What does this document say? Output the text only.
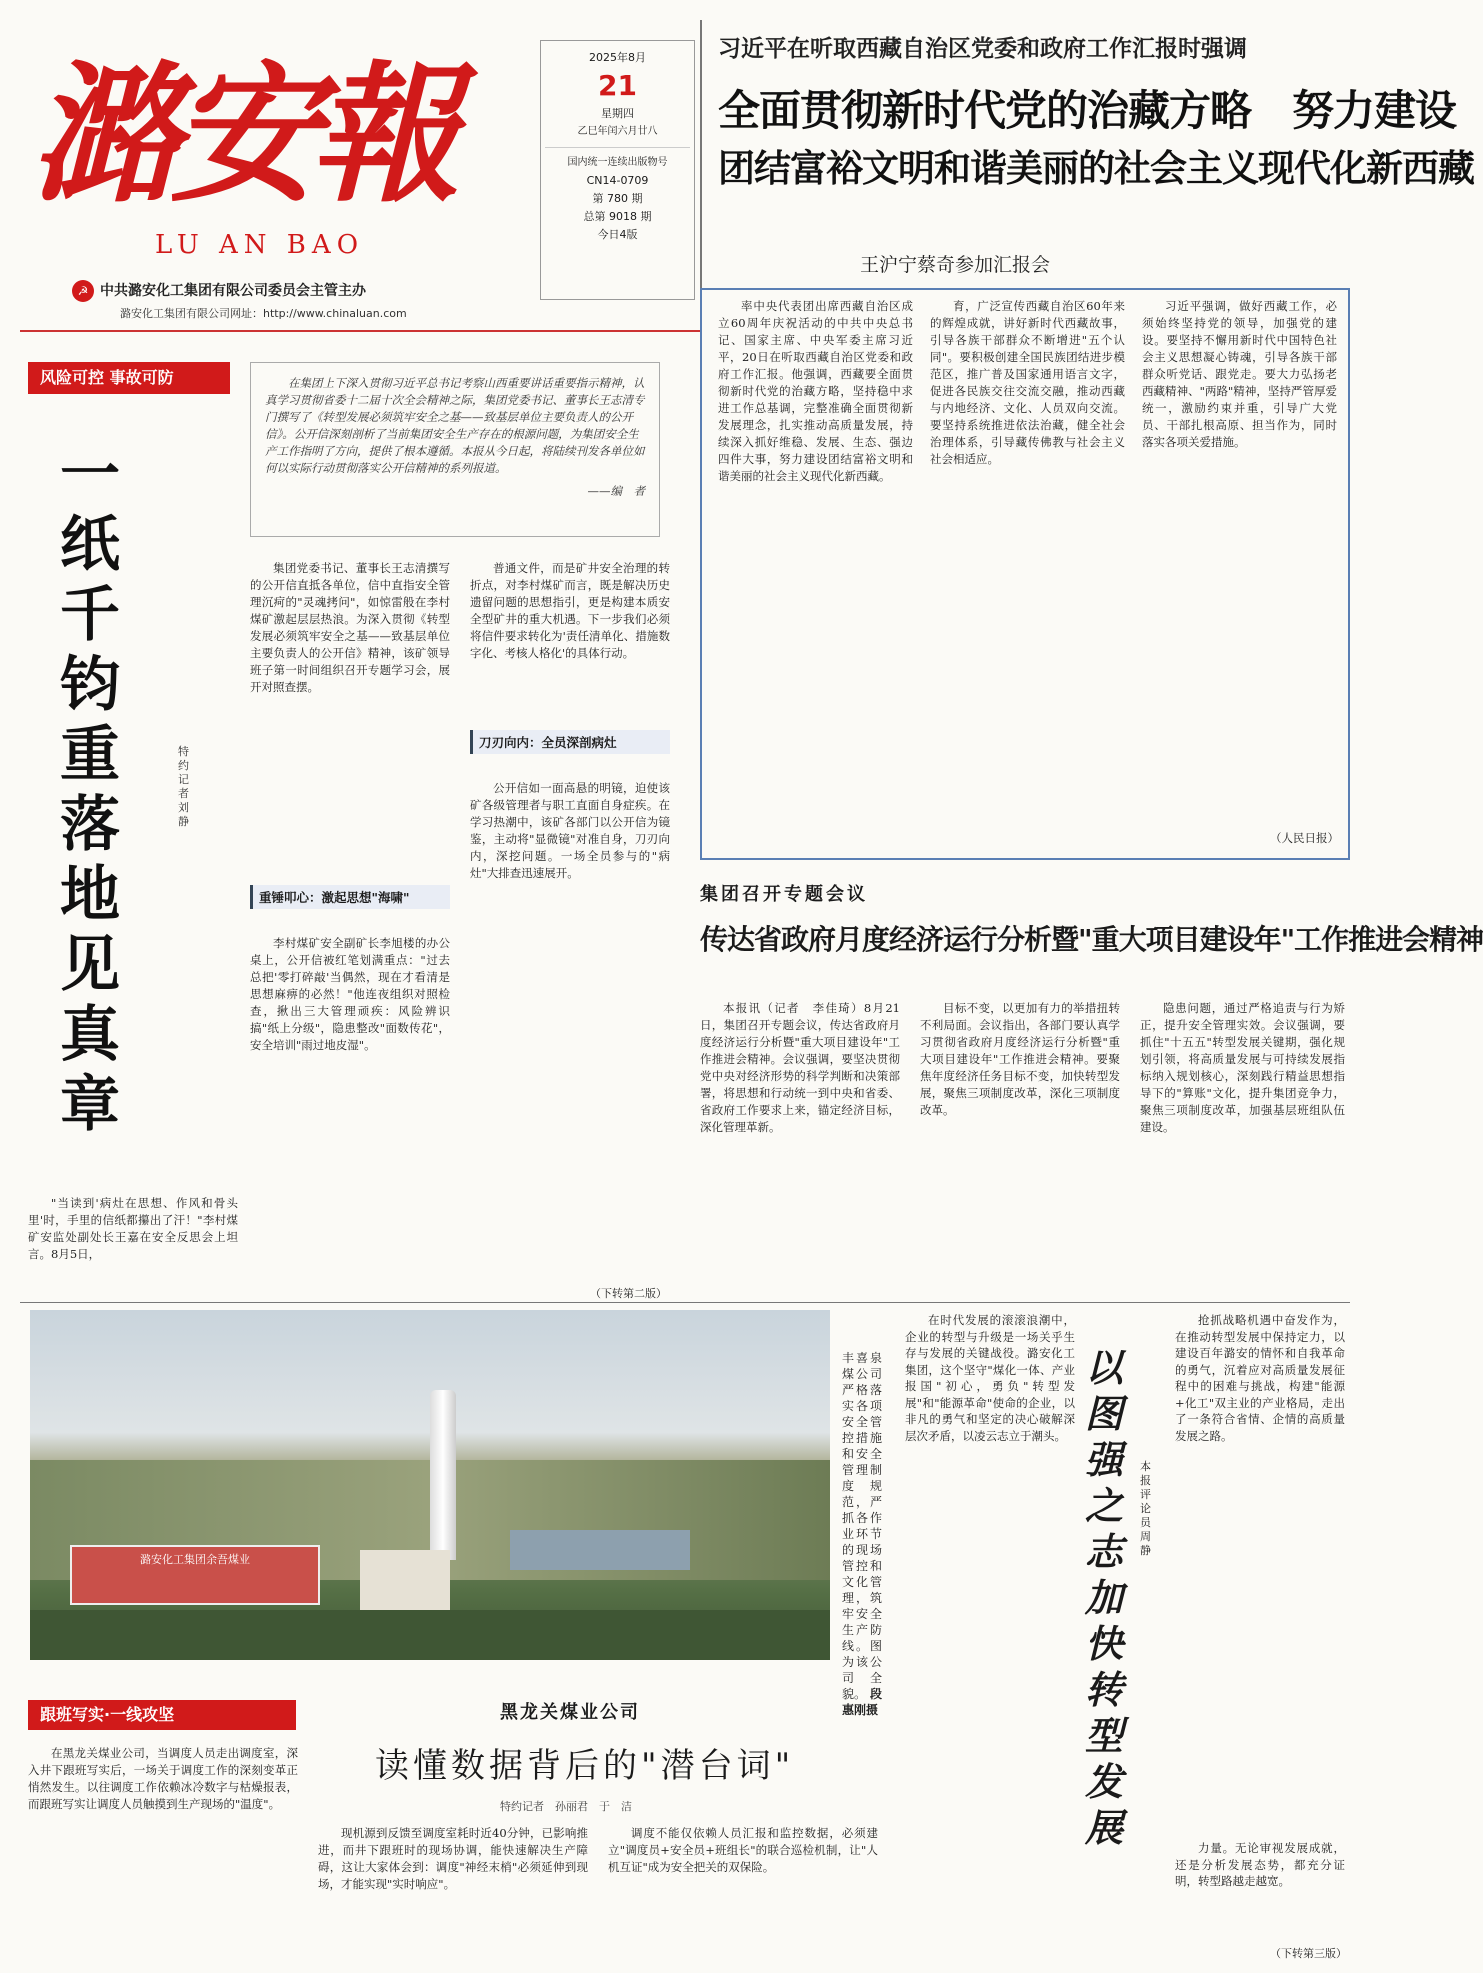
潞安報
LU AN BAO
☭ 中共潞安化工集团有限公司委员会主管主办
潞安化工集团有限公司网址：http://www.chinaluan.com
2025年8月
21
星期四
乙巳年闰六月廿八
国内统一连续出版物号
CN14-0709
第 780 期
总第 9018 期
今日4版
习近平在听取西藏自治区党委和政府工作汇报时强调
全面贯彻新时代党的治藏方略　努力建设
团结富裕文明和谐美丽的社会主义现代化新西藏
王沪宁蔡奇参加汇报会

率中央代表团出席西藏自治区成立60周年庆祝活动的中共中央总书记、国家主席、中央军委主席习近平，20日在听取西藏自治区党委和政府工作汇报。他强调，西藏要全面贯彻新时代党的治藏方略，坚持稳中求进工作总基调，完整准确全面贯彻新发展理念，扎实推动高质量发展，持续深入抓好维稳、发展、生态、强边四件大事，努力建设团结富裕文明和谐美丽的社会主义现代化新西藏。

育，广泛宣传西藏自治区60年来的辉煌成就，讲好新时代西藏故事，引导各族干部群众不断增进"五个认同"。要积极创建全国民族团结进步模范区，推广普及国家通用语言文字，促进各民族交往交流交融，推动西藏与内地经济、文化、人员双向交流。要坚持系统推进依法治藏，健全社会治理体系，引导藏传佛教与社会主义社会相适应。

习近平强调，做好西藏工作，必须始终坚持党的领导，加强党的建设。要坚持不懈用新时代中国特色社会主义思想凝心铸魂，引导各族干部群众听党话、跟党走。要大力弘扬老西藏精神、"两路"精神，坚持严管厚爱统一，激励约束并重，引导广大党员、干部扎根高原、担当作为，同时落实各项关爱措施。

（人民日报）
风险可控 事故可防
一纸千钧重　落地见真章
特约记者　刘　静

在集团上下深入贯彻习近平总书记考察山西重要讲话重要指示精神，认真学习贯彻省委十二届十次全会精神之际，集团党委书记、董事长王志清专门撰写了《转型发展必须筑牢安全之基——致基层单位主要负责人的公开信》。公开信深刻剖析了当前集团安全生产存在的根源问题，为集团安全生产工作指明了方向，提供了根本遵循。本报从今日起，将陆续刊发各单位如何以实际行动贯彻落实公开信精神的系列报道。

——编　者

"当读到'病灶在思想、作风和骨头里'时，手里的信纸都攥出了汗！"李村煤矿安监处副处长王嘉在安全反思会上坦言。8月5日，

集团党委书记、董事长王志清撰写的公开信直抵各单位，信中直指安全管理沉疴的"灵魂拷问"，如惊雷般在李村煤矿激起层层热浪。为深入贯彻《转型发展必须筑牢安全之基——致基层单位主要负责人的公开信》精神，该矿领导班子第一时间组织召开专题学习会，展开对照查摆。

重锤叩心：激起思想"海啸"

李村煤矿安全副矿长李旭楼的办公桌上，公开信被红笔划满重点："过去总把'零打碎敲'当偶然，现在才看清是思想麻痹的必然！"他连夜组织对照检查，揪出三大管理顽疾：风险辨识搞"纸上分级"，隐患整改"面数传花"，安全培训"雨过地皮湿"。

普通文件，而是矿井安全治理的转折点，对李村煤矿而言，既是解决历史遗留问题的思想指引，更是构建本质安全型矿井的重大机遇。下一步我们必须将信件要求转化为'责任清单化、措施数字化、考核人格化'的具体行动。

刀刃向内：全员深剖病灶

公开信如一面高悬的明镜，迫使该矿各级管理者与职工直面自身症疾。在学习热潮中，该矿各部门以公开信为镜鉴，主动将"显微镜"对准自身，刀刃向内，深挖问题。一场全员参与的"病灶"大排查迅速展开。

（下转第二版）
集团召开专题会议
传达省政府月度经济运行分析暨"重大项目建设年"工作推进会精神

本报讯（记者　李佳琦）8月21日，集团召开专题会议，传达省政府月度经济运行分析暨"重大项目建设年"工作推进会精神。会议强调，要坚决贯彻党中央对经济形势的科学判断和决策部署，将思想和行动统一到中央和省委、省政府工作要求上来，锚定经济目标，深化管理革新。

目标不变，以更加有力的举措扭转不利局面。会议指出，各部门要认真学习贯彻省政府月度经济运行分析暨"重大项目建设年"工作推进会精神。要聚焦年度经济任务目标不变，加快转型发展，聚焦三项制度改革，深化三项制度改革。

隐患问题，通过严格追责与行为矫正，提升安全管理实效。会议强调，要抓住"十五五"转型发展关键期，强化规划引领，将高质量发展与可持续发展指标纳入规划核心，深刻践行精益思想指导下的"算账"文化，提升集团竞争力，聚焦三项制度改革，加强基层班组队伍建设。

潞安化工集团余吾煤业
丰喜泉煤公司严格落实各项安全管控措施和安全管理制度规范，严抓各作业环节的现场管控和文化管理，筑牢安全生产防线。图为该公司全貌。 段惠刚摄

在时代发展的滚滚浪潮中，企业的转型与升级是一场关乎生存与发展的关键战役。潞安化工集团，这个坚守"煤化一体、产业报国"初心，勇负"转型发展"和"能源革命"使命的企业，以非凡的勇气和坚定的决心破解深层次矛盾，以凌云志立于潮头。

以图强之志加快转型发展
本报评论员　周　静

抢抓战略机遇中奋发作为，在推动转型发展中保持定力，以建设百年潞安的情怀和自我革命的勇气，沉着应对高质量发展征程中的困难与挑战，构建"能源+化工"双主业的产业格局，走出了一条符合省情、企情的高质量发展之路。

力量。无论审视发展成就，还是分析发展态势，都充分证明，转型路越走越宽。

（下转第三版）
跟班写实·一线攻坚	黑龙关煤业公司
读懂数据背后的"潜台词"
特约记者　孙丽君　于　洁

在黑龙关煤业公司，当调度人员走出调度室，深入井下跟班写实后，一场关于调度工作的深刻变革正悄然发生。以往调度工作依赖冰冷数字与枯燥报表，而跟班写实让调度人员触摸到生产现场的"温度"。

现机源到反馈至调度室耗时近40分钟，已影响推进，而井下跟班时的现场协调，能快速解决生产障碍，这让大家体会到：调度"神经末梢"必须延伸到现场，才能实现"实时响应"。

调度不能仅依赖人员汇报和监控数据，必须建立"调度员+安全员+班组长"的联合巡检机制，让"人机互证"成为安全把关的双保险。
